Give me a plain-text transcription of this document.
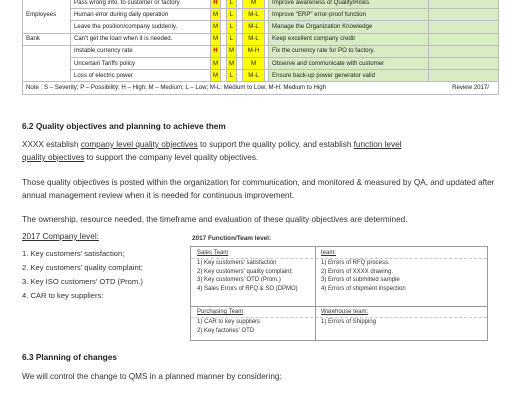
Employees	Pass wrong info. to customer or factory	H		L		M		Improve awareness of Quality/Risks	
	Human error during daily operation	M		L		M-L		Improve "ERP" error-proof function	
	Leave the position/company suddenly.	M		L		M-L		Manage the Organization Knowledge	
Bank	Can't get the loan when it is needed.	M		L		M-L		Keep excellent company credit	
	Instable currency rate	H		M		M-H		Fix the currency rate for PO to factory.	
	Uncertain Tariffs policy	M		M		M		Observe and communicate with customer	
	Loss of electric power	M		L		M-L		Ensure back-up power generator valid	

Note : S – Severity; P – Possibility; H – High; M – Medium; L – Low; M-L: Medium to Low; M-H: Medium to High Review 2017/									
6.2 Quality objectives and planning to achieve them

XXXX establish company level quality objectives to support the quality policy, and establish function level
quality objectives to support the company level quality objectives.

Those quality objectives is posted within the organization for communication, and monitored & measured by QA, and updated after annual management review when it is needed for continuous improvement.

The ownership, resource needed, the timeframe and evaluation of these quality objectives are determined.

2017 Company level:
1. Key customers' satisfaction;
2. Key customers' quality complaint;
3. Key ISO customers' OTD (Prom.)
4. CAR to key suppliers:
2017 Function/Team level:
Sales Team
1) Key customers' satisfaction
2) Key customers' quality complaint;
3) Key customers' OTD (Prom.)
4) Sales Errors of RFQ & SO (DPMO)
team:
1) Errors of RFQ process.
2) Errors of XXXX drawing.
3) Errors of submitted sample
4) Errors of shipment inspection
Purchasing Team
1) CAR to key suppliers
2) Key factories' OTD
Warehouse team:
1) Errors of Shipping
6.3 Planning of changes

We will control the change to QMS in a planned manner by considering:
